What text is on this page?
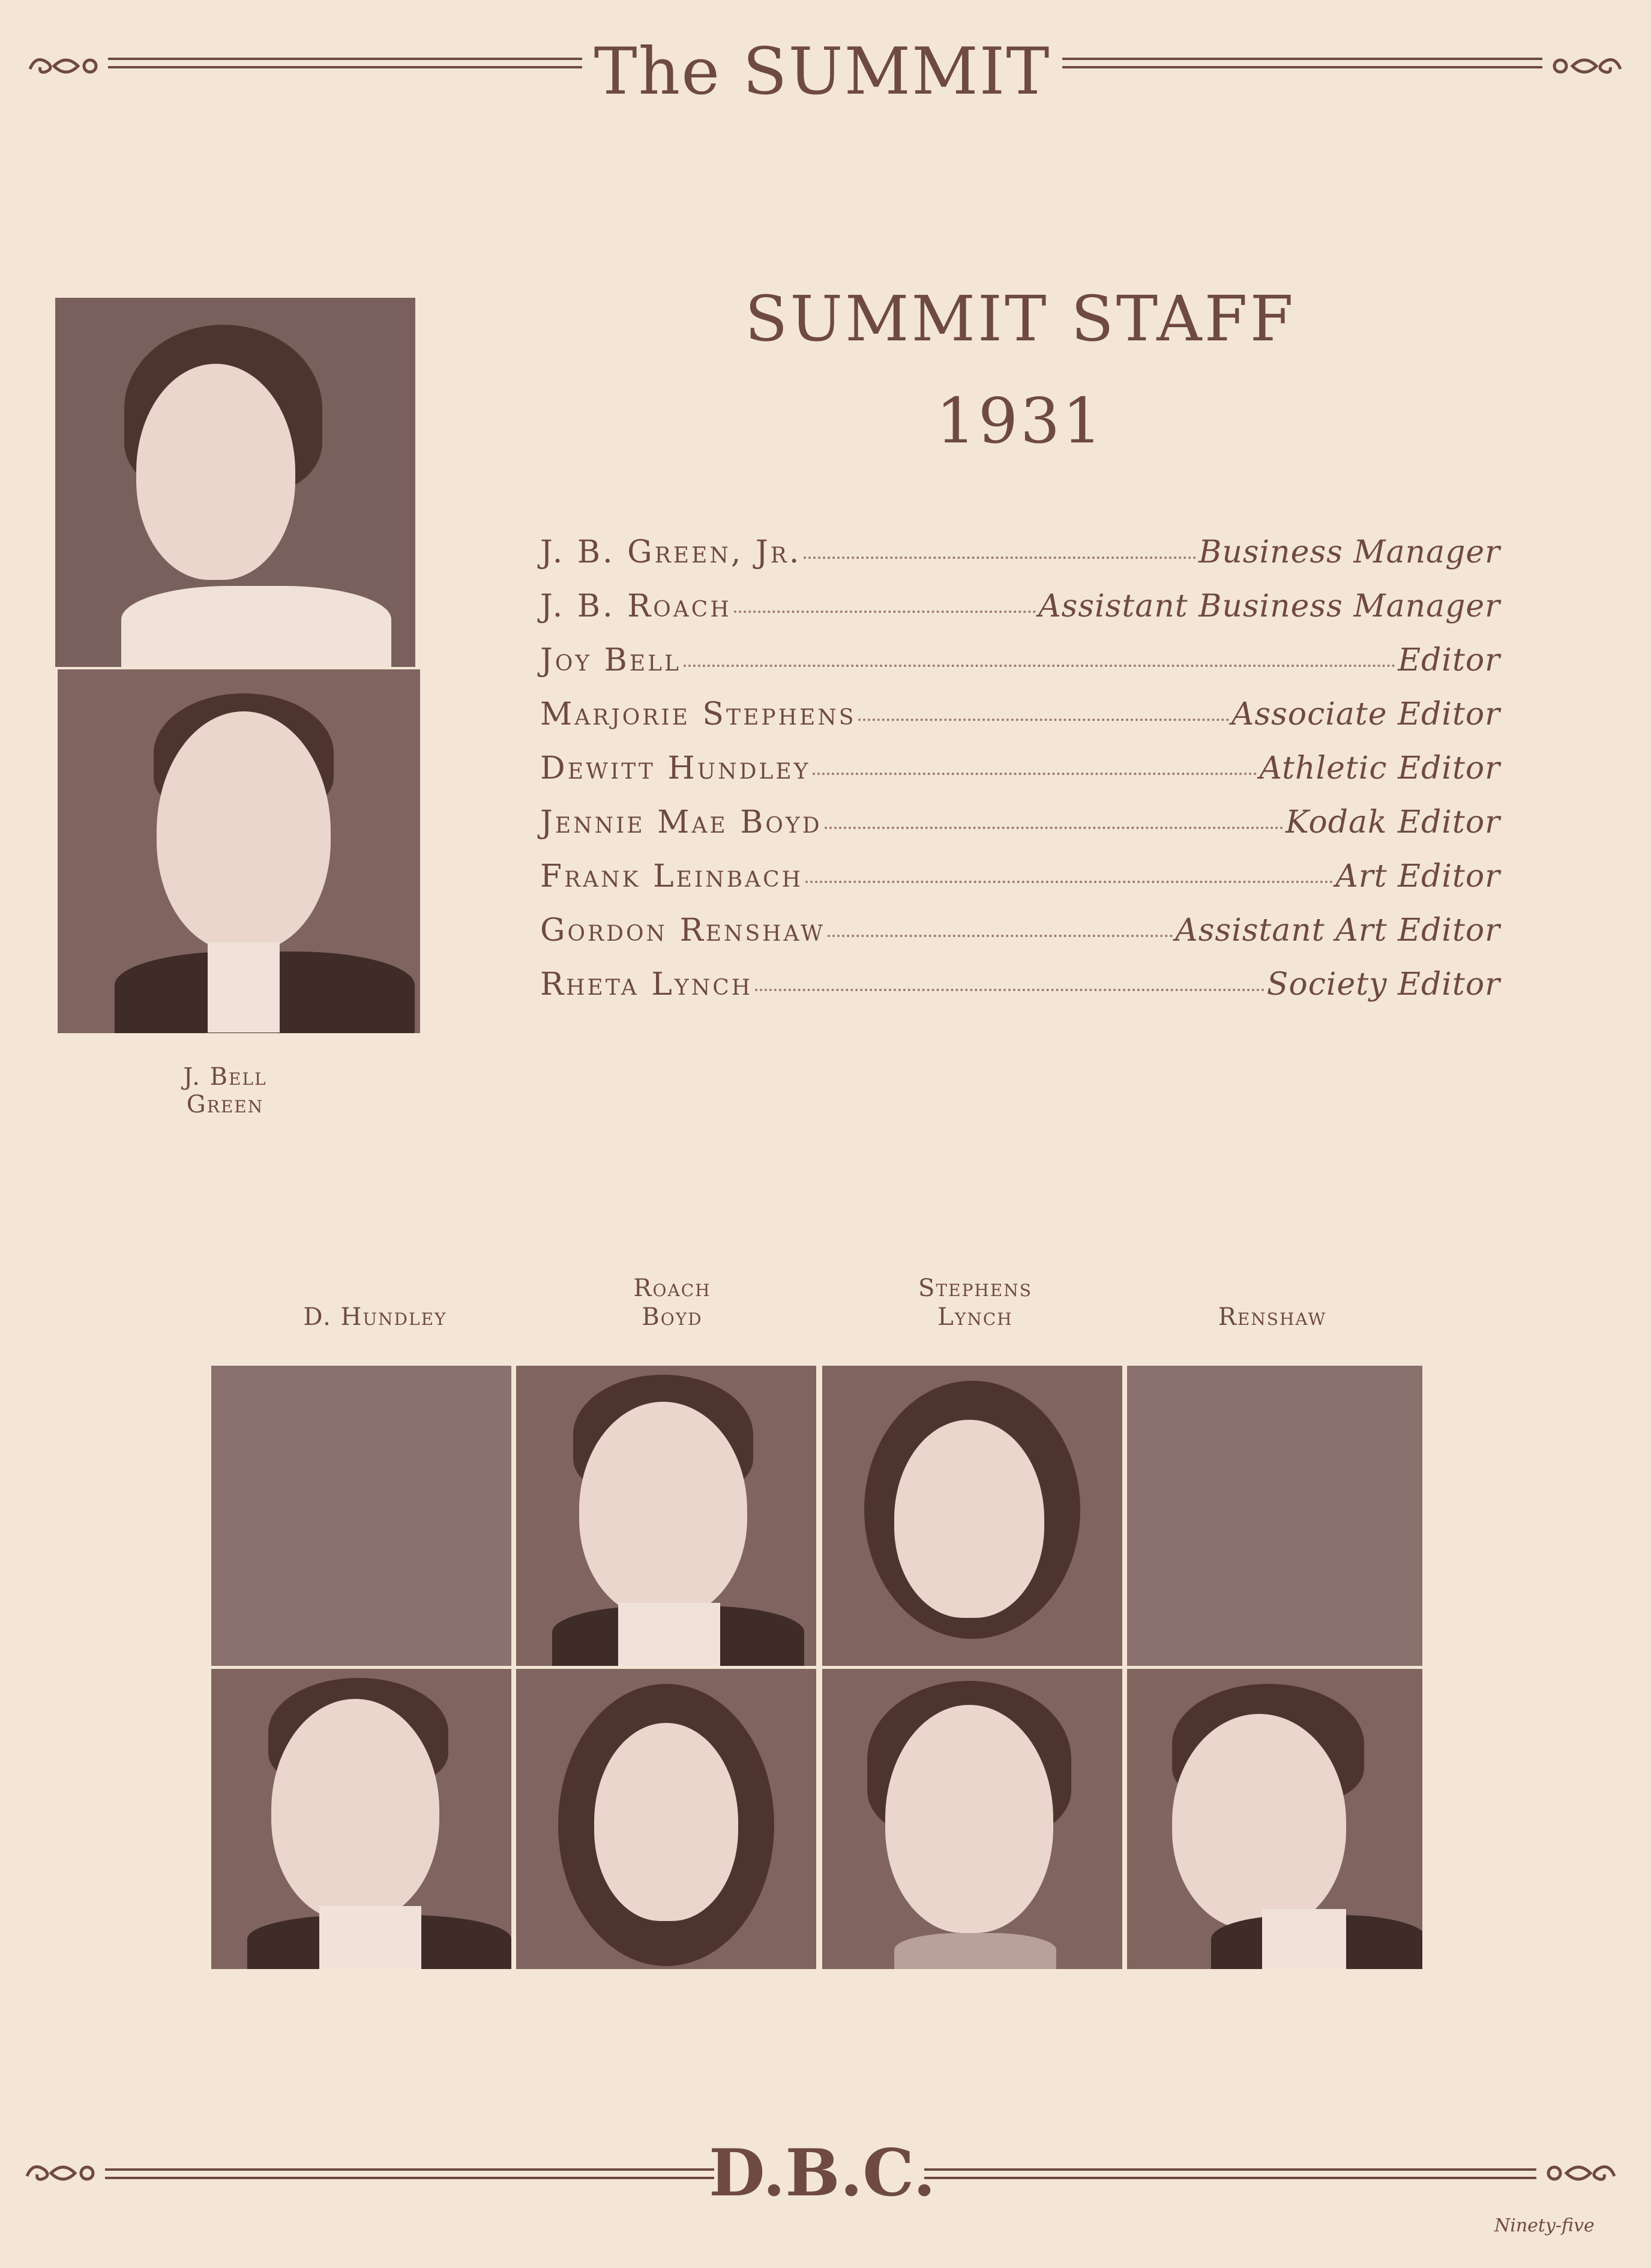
The SUMMIT
SUMMIT STAFF
1931
J. B. Green, Jr.	Business Manager
J. B. Roach	Assistant Business Manager
Joy Bell	Editor
Marjorie Stephens	Associate Editor
Dewitt Hundley	Athletic Editor
Jennie Mae Boyd	Kodak Editor
Frank Leinbach	Art Editor
Gordon Renshaw	Assistant Art Editor
Rheta Lynch	Society Editor
J. Bell
Green
D. Hundley
Roach
Boyd
Stephens
Lynch	Renshaw
D.B.C.
Ninety-five
